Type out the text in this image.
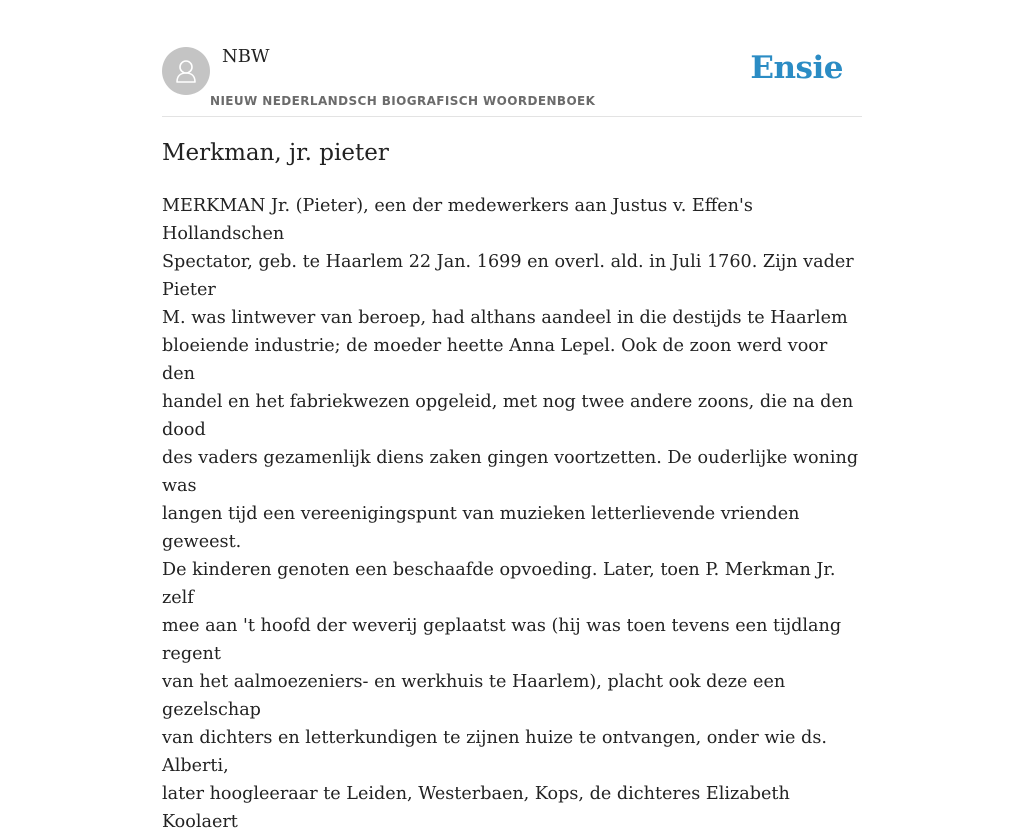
NBW
NIEUW NEDERLANDSCH BIOGRAFISCH WOORDENBOEK
Ensie
Merkman, jr. pieter

MERKMAN Jr. (Pieter), een der medewerkers aan Justus v. Effen's Hollandschen
Spectator, geb. te Haarlem 22 Jan. 1699 en overl. ald. in Juli 1760. Zijn vader Pieter
M. was lintwever van beroep, had althans aandeel in die destijds te Haarlem
bloeiende industrie; de moeder heette Anna Lepel. Ook de zoon werd voor den
handel en het fabriekwezen opgeleid, met nog twee andere zoons, die na den dood
des vaders gezamenlijk diens zaken gingen voortzetten. De ouderlijke woning was
langen tijd een vereenigingspunt van muzieken letterlievende vrienden geweest.
De kinderen genoten een beschaafde opvoeding. Later, toen P. Merkman Jr. zelf
mee aan 't hoofd der weverij geplaatst was (hij was toen tevens een tijdlang regent
van het aalmoezeniers- en werkhuis te Haarlem), placht ook deze een gezelschap
van dichters en letterkundigen te zijnen huize te ontvangen, onder wie ds. Alberti,
later hoogleeraar te Leiden, Westerbaen, Kops, de dichteres Elizabeth Koolaert
